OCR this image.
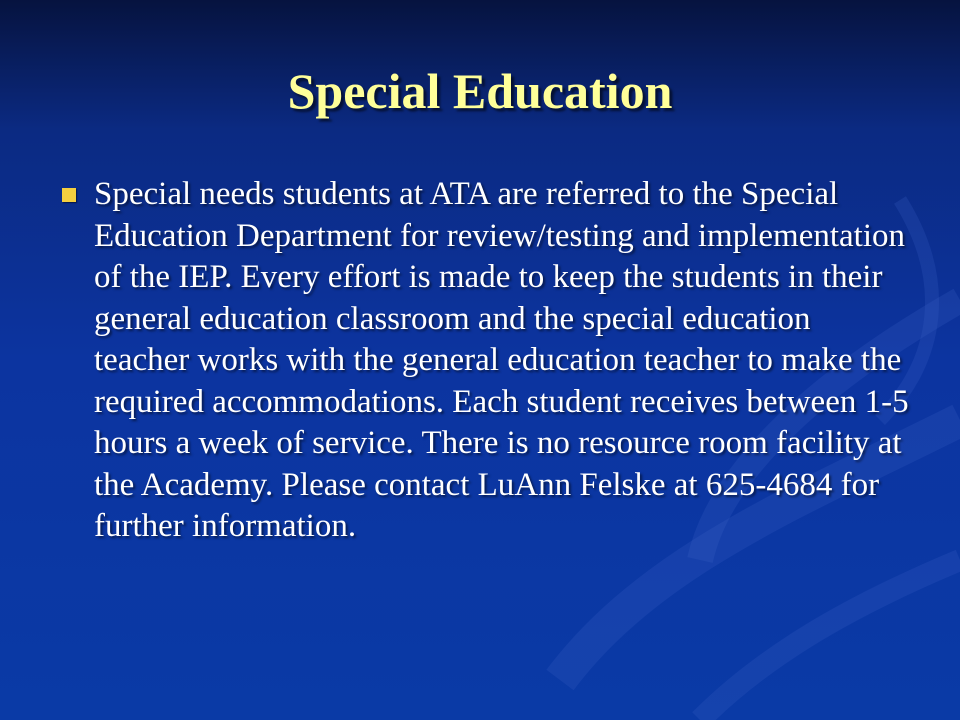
Special Education
Special needs students at ATA are referred to the Special Education Department for review/testing and implementation of the IEP. Every effort is made to keep the students in their general education classroom and the special education teacher works with the general education teacher to make the required accommodations. Each student receives between 1-5 hours a week of service. There is no resource room facility at the Academy. Please contact LuAnn Felske at 625-4684 for further information.
